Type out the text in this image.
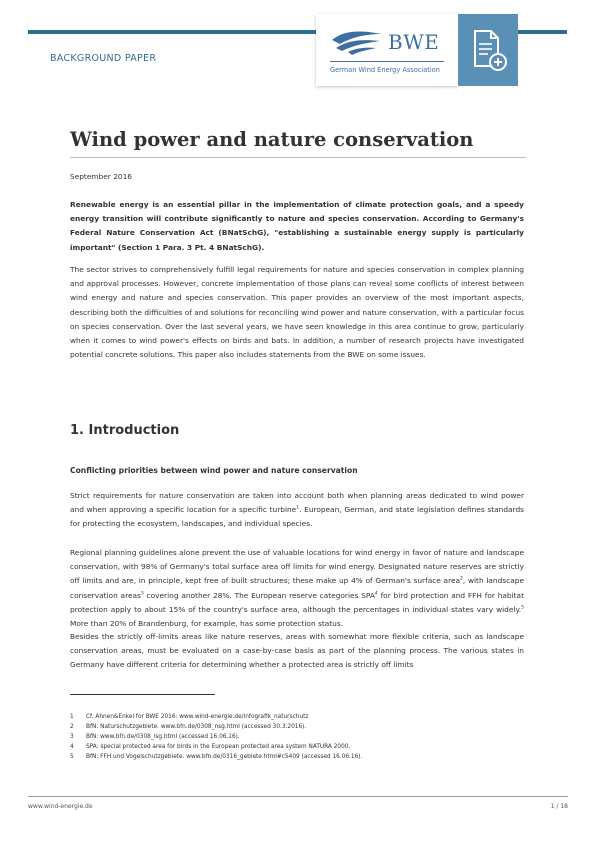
BACKGROUND PAPER
BWE
German Wind Energy Association
Wind power and nature conservation
September 2016

Renewable energy is an essential pillar in the implementation of climate protection goals, and a speedy energy transition will contribute significantly to nature and species conservation. According to Germany's Federal Nature Conservation Act (BNatSchG), "establishing a sustainable energy supply is particularly important" (Section 1 Para. 3 Pt. 4 BNatSchG).

The sector strives to comprehensively fulfill legal requirements for nature and species conservation in complex planning and approval processes. However, concrete implementation of those plans can reveal some conflicts of interest between wind energy and nature and species conservation. This paper provides an overview of the most important aspects, describing both the difficulties of and solutions for reconciling wind power and nature conservation, with a particular focus on species conservation. Over the last several years, we have seen knowledge in this area continue to grow, particularly when it comes to wind power's effects on birds and bats. In addition, a number of research projects have investigated potential concrete solutions. This paper also includes statements from the BWE on some issues.

1. Introduction
Conflicting priorities between wind power and nature conservation

Strict requirements for nature conservation are taken into account both when planning areas dedicated to wind power and when approving a specific location for a specific turbine$^1$. European, German, and state legislation defines standards for protecting the ecosystem, landscapes, and individual species.

Regional planning guidelines alone prevent the use of valuable locations for wind energy in favor of nature and landscape conservation, with 98% of Germany's total surface area off limits for wind energy. Designated nature reserves are strictly off limits and are, in principle, kept free of built structures; these make up 4% of German's surface area$^2$, with landscape conservation areas$^3$ covering another 28%. The European reserve categories SPA$^4$ for bird protection and FFH for habitat protection apply to about 15% of the country's surface area, although the percentages in individual states vary widely.$^5$ More than 20% of Brandenburg, for example, has some protection status.

Besides the strictly off-limits areas like nature reserves, areas with somewhat more flexible criteria, such as landscape conservation areas, must be evaluated on a case-by-case basis as part of the planning process. The various states in Germany have different criteria for determining whether a protected area is strictly off limits

1	Cf. Ahnen&Enkel for BWE 2016: www.wind-energie.de/infografik_naturschutz
2	BfN: Naturschutzgebiete. www.bfn.de/0308_nsg.html (accessed 30.3.2016).
3	BfN: www.bfn.de/0308_lsg.html (accessed 16.06.16).
4	SPA: special protected area for birds in the European protected area system NATURA 2000.
5	BfN: FFH und Vogelschutzgebiete. www.bfn.de/0316_gebiete.html#c5409 (accessed 16.06.16).
www.wind-energie.de	1 / 18
